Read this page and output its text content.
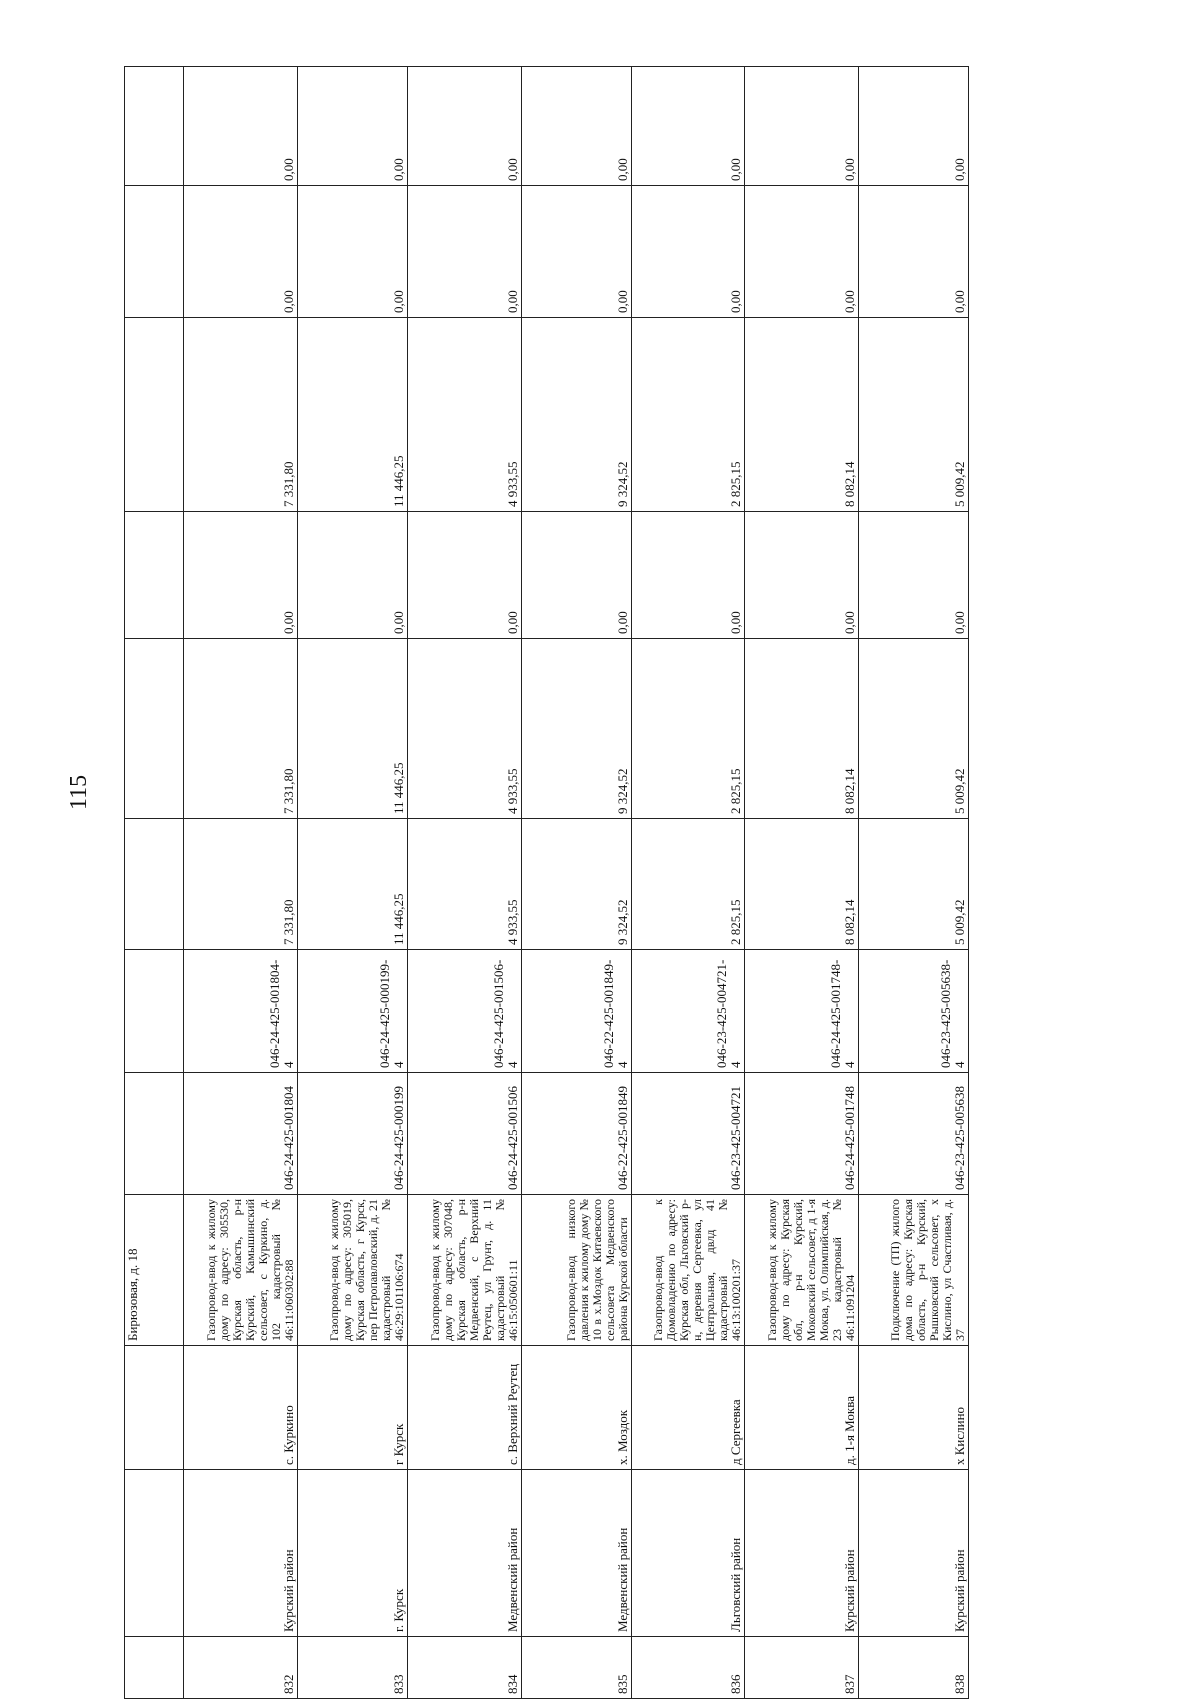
115
			Бирюзовая, д. 18								
832	Курский район	с. Куркино	Газопровод-ввод к жилому дому по адресу: 305530, Курская область, р-н Курский, Камышинский сельсовет, с Куркино, д. 102 кадастровый № 46:11:060302:88	046-24-425-001804	046-24-425-001804-4	7 331,80	7 331,80	0,00	7 331,80	0,00	0,00
833	г. Курск	г Курск	Газопровод-ввод к жилому дому по адресу: 305019, Курская область, г Курск, пер Петропавловский, д. 21 кадастровый № 46:29:101106:674	046-24-425-000199	046-24-425-000199-4	11 446,25	11 446,25	0,00	11 446,25	0,00	0,00
834	Медвенский район	с. Верхний Реутец	Газопровод-ввод к жилому дому по адресу: 307048, Курская область, р-н Медвенский, с Верхний Реутец, ул Грунт, д. 11 кадастровый № 46:15:050601:11	046-24-425-001506	046-24-425-001506-4	4 933,55	4 933,55	0,00	4 933,55	0,00	0,00
835	Медвенский район	х. Моздок	Газопровод-ввод низкого давления к жилому дому № 10 в х.Моздок Китаевского сельсовета Медвенского района Курской области	046-22-425-001849	046-22-425-001849-4	9 324,52	9 324,52	0,00	9 324,52	0,00	0,00
836	Льговский район	д Сергеевка	Газопровод-ввод к Домовладению по адресу: Курская обл, Льговский р-н, деревня Сергеевка, ул Центральная, двлд 41 кадастровый № 46:13:100201:37	046-23-425-004721	046-23-425-004721-4	2 825,15	2 825,15	0,00	2 825,15	0,00	0,00
837	Курский район	д. 1-я Моква	Газопровод-ввод к жилому дому по адресу: Курская обл, р-н Курский, Моковский сельсовет, д 1-я Моква, ул. Олимпийская, д. 23 кадастровый № 46:11:091204	046-24-425-001748	046-24-425-001748-4	8 082,14	8 082,14	0,00	8 082,14	0,00	0,00
838	Курский район	х Кислино	Подключение (ТП) жилого дома по адресу: Курская область, р-н Курский, Рышковский сельсовет, х Кислино, ул Счастливая, д. 37	046-23-425-005638	046-23-425-005638-4	5 009,42	5 009,42	0,00	5 009,42	0,00	0,00
